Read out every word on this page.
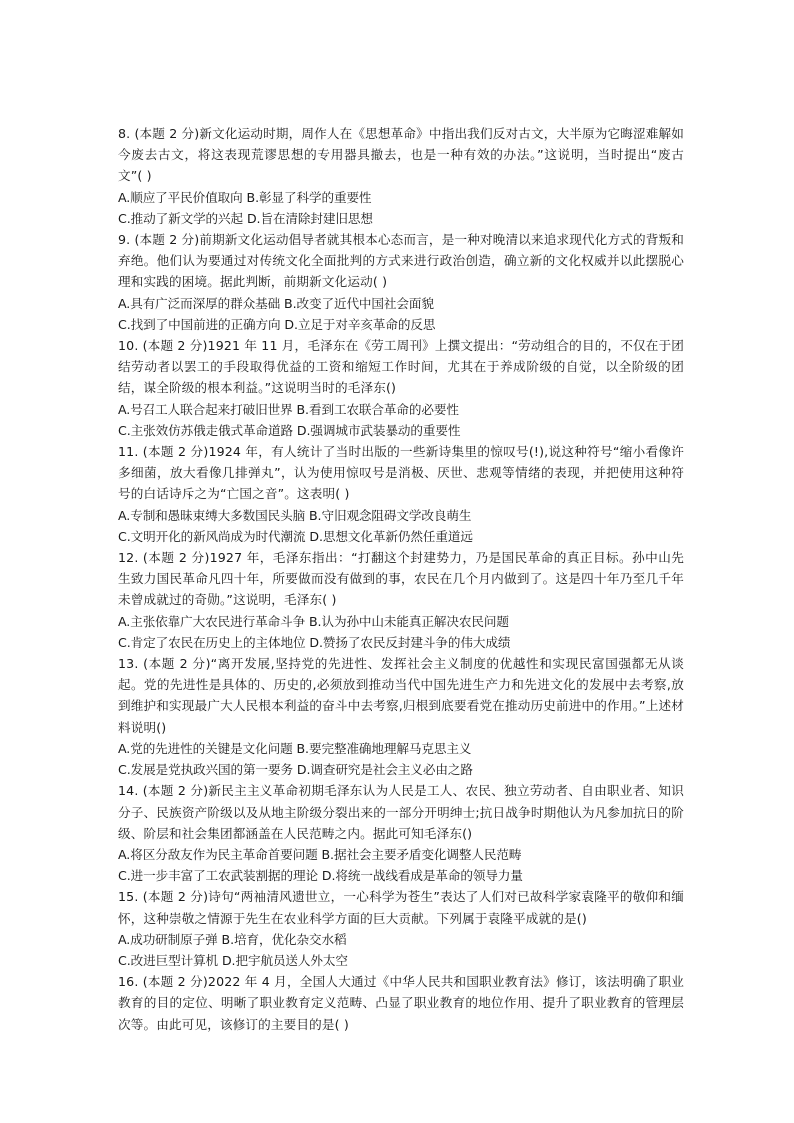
8. (本题 2 分)新文化运动时期，周作人在《思想革命》中指出我们反对古文，大半原为它晦涩难解如今废去古文，将这表现荒谬思想的专用器具撤去，也是一种有效的办法。”这说明，当时提出“废古文”( )

A.顺应了平民价值取向 B.彰显了科学的重要性

C.推动了新文学的兴起 D.旨在清除封建旧思想

9. (本题 2 分)前期新文化运动倡导者就其根本心态而言，是一种对晚清以来追求现代化方式的背叛和弃绝。他们认为要通过对传统文化全面批判的方式来进行政治创造，确立新的文化权威并以此摆脱心理和实践的困境。据此判断，前期新文化运动( )

A.具有广泛而深厚的群众基础 B.改变了近代中国社会面貌

C.找到了中国前进的正确方向 D.立足于对辛亥革命的反思

10. (本题 2 分)1921 年 11 月，毛泽东在《劳工周刊》上撰文提出：“劳动组合的目的，不仅在于团结劳动者以罢工的手段取得优益的工资和缩短工作时间，尤其在于养成阶级的自觉，以全阶级的团结，谋全阶级的根本利益。”这说明当时的毛泽东()

A.号召工人联合起来打破旧世界 B.看到工农联合革命的必要性

C.主张效仿苏俄走俄式革命道路 D.强调城市武装暴动的重要性

11. (本题 2 分)1924 年，有人统计了当时出版的一些新诗集里的惊叹号(!),说这种符号“缩小看像许多细菌，放大看像几排弹丸”，认为使用惊叹号是消极、厌世、悲观等情绪的表现，并把使用这种符号的白话诗斥之为“亡国之音”。这表明( )

A.专制和愚昧束缚大多数国民头脑 B.守旧观念阻碍文学改良萌生

C.文明开化的新风尚成为时代潮流 D.思想文化革新仍然任重道远

12. (本题 2 分)1927 年，毛泽东指出：“打翻这个封建势力，乃是国民革命的真正目标。孙中山先生致力国民革命凡四十年，所要做而没有做到的事，农民在几个月内做到了。这是四十年乃至几千年未曾成就过的奇勋。”这说明，毛泽东( )

A.主张依靠广大农民进行革命斗争 B.认为孙中山未能真正解决农民问题

C.肯定了农民在历史上的主体地位 D.赞扬了农民反封建斗争的伟大成绩

13. (本题 2 分)“离开发展,坚持党的先进性、发挥社会主义制度的优越性和实现民富国强都无从谈起。党的先进性是具体的、历史的,必须放到推动当代中国先进生产力和先进文化的发展中去考察,放到维护和实现最广大人民根本利益的奋斗中去考察,归根到底要看党在推动历史前进中的作用。”上述材料说明()

A.党的先进性的关键是文化问题 B.要完整准确地理解马克思主义

C.发展是党执政兴国的第一要务 D.调查研究是社会主义必由之路

14. (本题 2 分)新民主主义革命初期毛泽东认为人民是工人、农民、独立劳动者、自由职业者、知识分子、民族资产阶级以及从地主阶级分裂出来的一部分开明绅士;抗日战争时期他认为凡参加抗日的阶级、阶层和社会集团都涵盖在人民范畴之内。据此可知毛泽东()

A.将区分敌友作为民主革命首要问题 B.据社会主要矛盾变化调整人民范畴

C.进一步丰富了工农武装割据的理论 D.将统一战线看成是革命的领导力量

15. (本题 2 分)诗句“两袖清风遗世立，一心科学为苍生”表达了人们对已故科学家袁隆平的敬仰和缅怀，这种崇敬之情源于先生在农业科学方面的巨大贡献。下列属于袁隆平成就的是()

A.成功研制原子弹 B.培育，优化杂交水稻

C.改进巨型计算机 D.把宇航员送人外太空

16. (本题 2 分)2022 年 4 月，全国人大通过《中华人民共和国职业教育法》修订，该法明确了职业教育的目的定位、明晰了职业教育定义范畴、凸显了职业教育的地位作用、提升了职业教育的管理层次等。由此可见，该修订的主要目的是( )
